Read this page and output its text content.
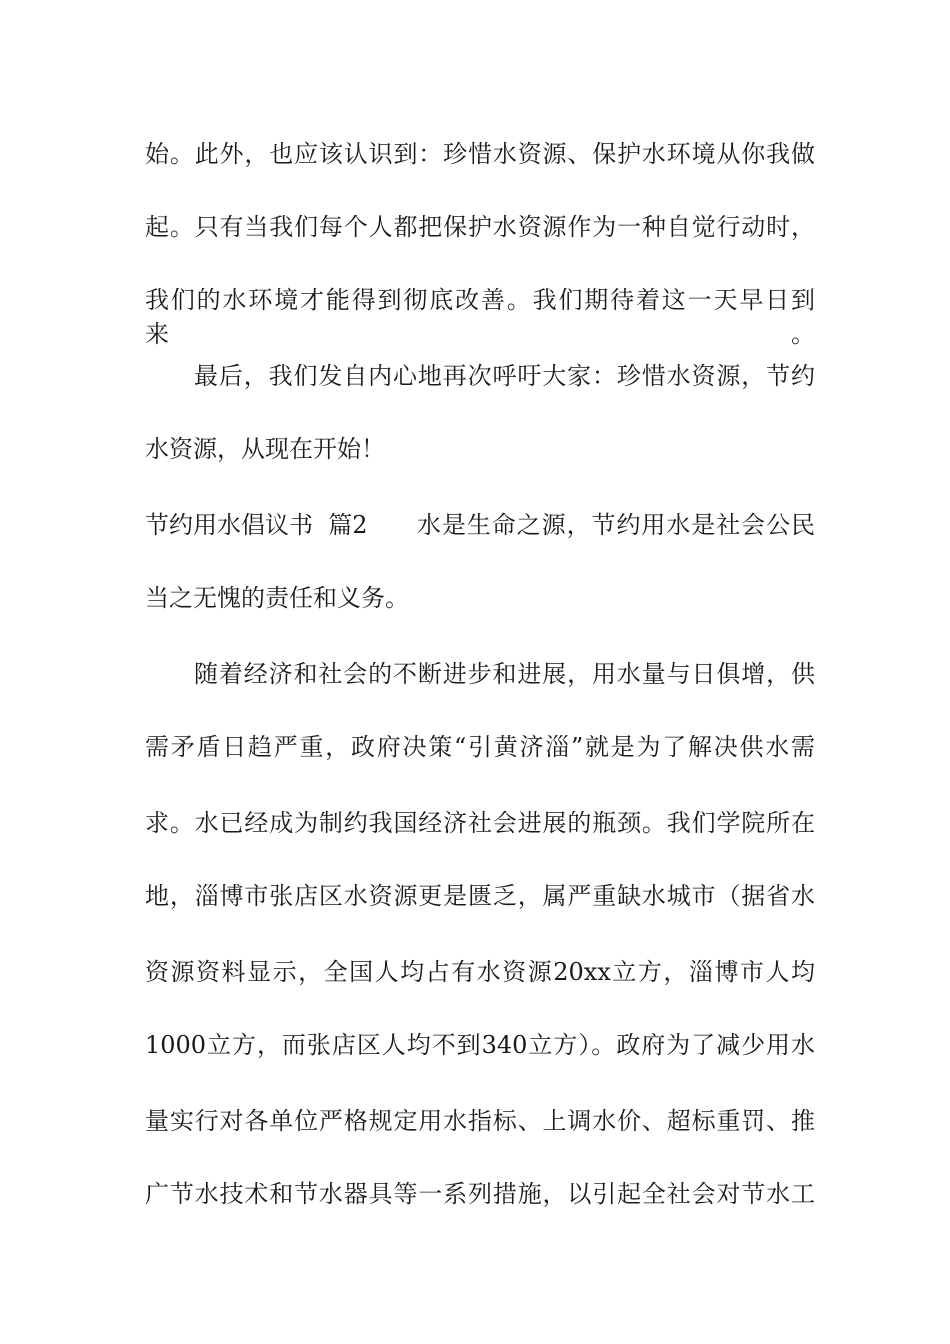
始。此外，也应该认识到：珍惜水资源、保护水环境从你我做
起。只有当我们每个人都把保护水资源作为一种自觉行动时，
我们的水环境才能得到彻底改善。我们期待着这一天早日到来。
最后，我们发自内心地再次呼吁大家：珍惜水资源，节约
水资源，从现在开始！
节约用水倡议书  篇2 水是生命之源，节约用水是社会公民
当之无愧的责任和义务。
随着经济和社会的不断进步和进展，用水量与日俱增，供
需矛盾日趋严重，政府决策“引黄济淄”就是为了解决供水需
求。水已经成为制约我国经济社会进展的瓶颈。我们学院所在
地，淄博市张店区水资源更是匮乏，属严重缺水城市（据省水
资源资料显示，全国人均占有水资源20xx立方，淄博市人均
1000立方，而张店区人均不到340立方）。政府为了减少用水
量实行对各单位严格规定用水指标、上调水价、超标重罚、推
广节水技术和节水器具等一系列措施，以引起全社会对节水工
